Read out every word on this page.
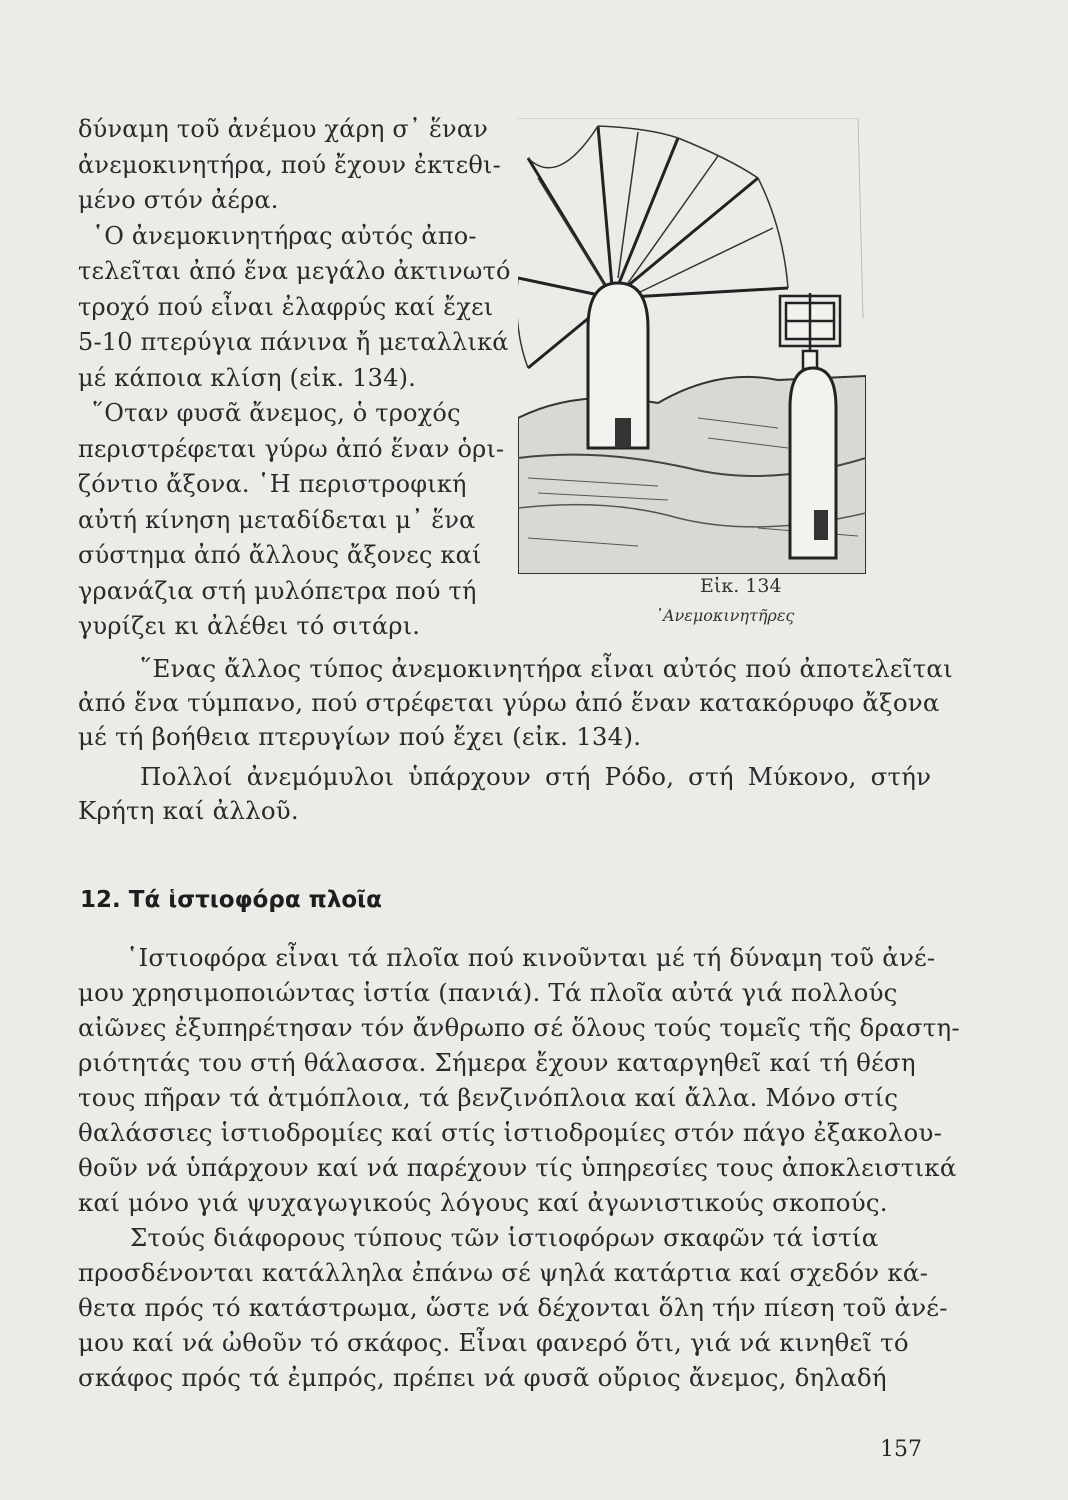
δύναμη τοῦ ἀνέμου χάρη σ᾽ ἕναν
ἀνεμοκινητήρα, πού ἔχουν ἐκτεθι-
μένο στόν ἀέρα.
῾Ο ἀνεμοκινητήρας αὐτός ἀπο-
τελεῖται ἀπό ἕνα μεγάλο ἀκτινωτό
τροχό πού εἶναι ἐλαφρύς καί ἔχει
5-10 πτερύγια πάνινα ἤ μεταλλικά
μέ κάποια κλίση (εἰκ. 134).
῞Οταν φυσᾶ ἄνεμος, ὁ τροχός
περιστρέφεται γύρω ἀπό ἕναν ὁρι-
ζόντιο ἄξονα. ῾Η περιστροφική
αὐτή κίνηση μεταδίδεται μ᾽ ἕνα
σύστημα ἀπό ἄλλους ἄξονες καί
γρανάζια στή μυλόπετρα πού τή
γυρίζει κι ἀλέθει τό σιτάρι.
Εἰκ. 134
᾽Ανεμοκινητῆρες
῞Ενας ἄλλος τύπος ἀνεμοκινητήρα εἶναι αὐτός πού ἀποτελεῖται
ἀπό ἕνα τύμπανο, πού στρέφεται γύρω ἀπό ἕναν κατακόρυφο ἄξονα
μέ τή βοήθεια πτερυγίων πού ἔχει (εἰκ. 134).
Πολλοί ἀνεμόμυλοι ὑπάρχουν στή Ρόδο, στή Μύκονο, στήν
Κρήτη καί ἀλλοῦ.
12. Τά ἱστιοφόρα πλοῖα
῾Ιστιοφόρα εἶναι τά πλοῖα πού κινοῦνται μέ τή δύναμη τοῦ ἀνέ-
μου χρησιμοποιώντας ἱστία (πανιά). Τά πλοῖα αὐτά γιά πολλούς
αἰῶνες ἐξυπηρέτησαν τόν ἄνθρωπο σέ ὅλους τούς τομεῖς τῆς δραστη-
ριότητάς του στή θάλασσα. Σήμερα ἔχουν καταργηθεῖ καί τή θέση
τους πῆραν τά ἀτμόπλοια, τά βενζινόπλοια καί ἄλλα. Μόνο στίς
θαλάσσιες ἱστιοδρομίες καί στίς ἱστιοδρομίες στόν πάγο ἐξακολου-
θοῦν νά ὑπάρχουν καί νά παρέχουν τίς ὑπηρεσίες τους ἀποκλειστικά
καί μόνο γιά ψυχαγωγικούς λόγους καί ἀγωνιστικούς σκοπούς.
Στούς διάφορους τύπους τῶν ἱστιοφόρων σκαφῶν τά ἱστία
προσδένονται κατάλληλα ἐπάνω σέ ψηλά κατάρτια καί σχεδόν κά-
θετα πρός τό κατάστρωμα, ὥστε νά δέχονται ὅλη τήν πίεση τοῦ ἀνέ-
μου καί νά ὠθοῦν τό σκάφος. Εἶναι φανερό ὅτι, γιά νά κινηθεῖ τό
σκάφος πρός τά ἐμπρός, πρέπει νά φυσᾶ οὔριος ἄνεμος, δηλαδή
157
